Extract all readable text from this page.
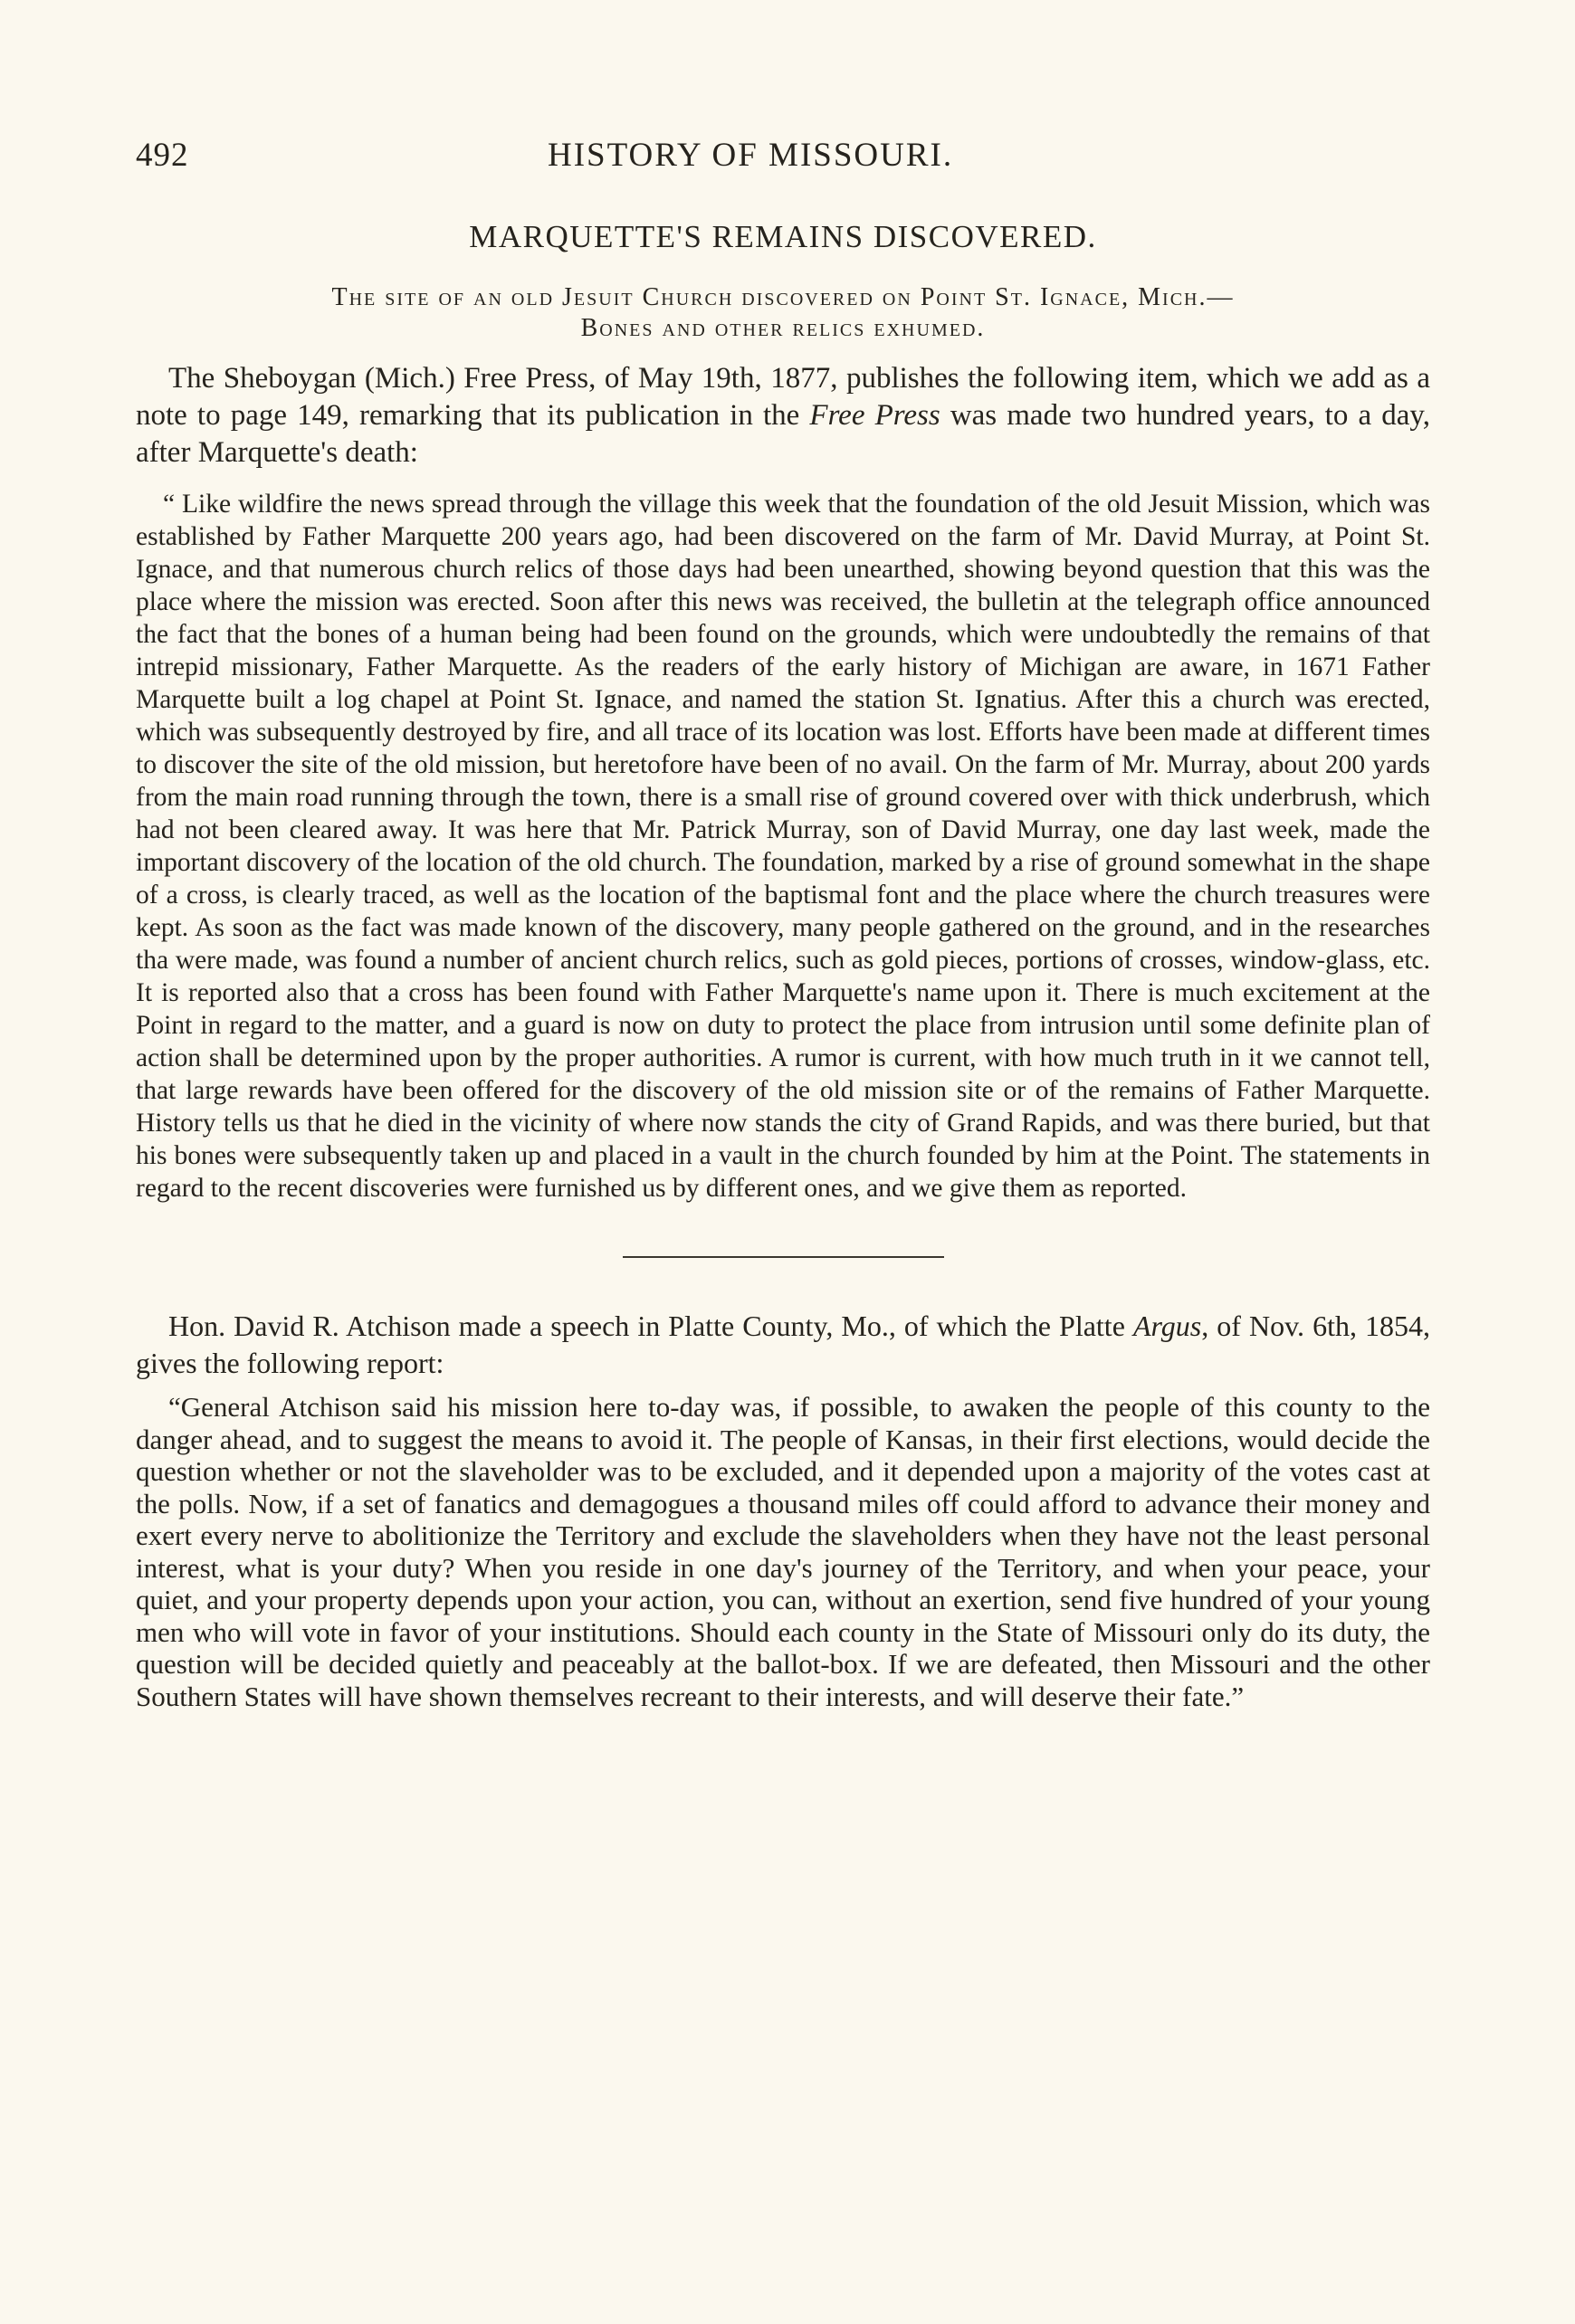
492	HISTORY OF MISSOURI.
MARQUETTE'S REMAINS DISCOVERED.
The site of an old Jesuit Church discovered on Point St. Ignace, Mich.—
Bones and other relics exhumed.

The Sheboygan (Mich.) Free Press, of May 19th, 1877, publishes the following item, which we add as a note to page 149, remarking that its publication in the Free Press was made two hundred years, to a day, after Marquette's death:

“ Like wildfire the news spread through the village this week that the foundation of the old Jesuit Mission, which was established by Father Marquette 200 years ago, had been discovered on the farm of Mr. David Murray, at Point St. Ignace, and that numerous church relics of those days had been unearthed, showing beyond question that this was the place where the mission was erected. Soon after this news was received, the bulletin at the telegraph office announced the fact that the bones of a human being had been found on the grounds, which were undoubtedly the remains of that intrepid missionary, Father Marquette. As the readers of the early history of Michigan are aware, in 1671 Father Marquette built a log chapel at Point St. Ignace, and named the station St. Ignatius. After this a church was erected, which was subsequently destroyed by fire, and all trace of its location was lost. Efforts have been made at different times to discover the site of the old mission, but heretofore have been of no avail. On the farm of Mr. Murray, about 200 yards from the main road running through the town, there is a small rise of ground covered over with thick underbrush, which had not been cleared away. It was here that Mr. Patrick Murray, son of David Murray, one day last week, made the important discovery of the location of the old church. The foundation, marked by a rise of ground somewhat in the shape of a cross, is clearly traced, as well as the location of the baptismal font and the place where the church treasures were kept. As soon as the fact was made known of the discovery, many people gathered on the ground, and in the researches tha were made, was found a number of ancient church relics, such as gold pieces, portions of crosses, window-glass, etc. It is reported also that a cross has been found with Father Marquette's name upon it. There is much excitement at the Point in regard to the matter, and a guard is now on duty to protect the place from intrusion until some definite plan of action shall be determined upon by the proper authorities. A rumor is current, with how much truth in it we cannot tell, that large rewards have been offered for the discovery of the old mission site or of the remains of Father Marquette. History tells us that he died in the vicinity of where now stands the city of Grand Rapids, and was there buried, but that his bones were subsequently taken up and placed in a vault in the church founded by him at the Point. The statements in regard to the recent discoveries were furnished us by different ones, and we give them as reported.

Hon. David R. Atchison made a speech in Platte County, Mo., of which the Platte Argus, of Nov. 6th, 1854, gives the following report:

“General Atchison said his mission here to-day was, if possible, to awaken the people of this county to the danger ahead, and to suggest the means to avoid it. The people of Kansas, in their first elections, would decide the question whether or not the slaveholder was to be excluded, and it depended upon a majority of the votes cast at the polls. Now, if a set of fanatics and demagogues a thousand miles off could afford to advance their money and exert every nerve to abolitionize the Territory and exclude the slaveholders when they have not the least personal interest, what is your duty? When you reside in one day's journey of the Territory, and when your peace, your quiet, and your property depends upon your action, you can, without an exertion, send five hundred of your young men who will vote in favor of your institutions. Should each county in the State of Missouri only do its duty, the question will be decided quietly and peaceably at the ballot-box. If we are defeated, then Missouri and the other Southern States will have shown themselves recreant to their interests, and will deserve their fate.”
